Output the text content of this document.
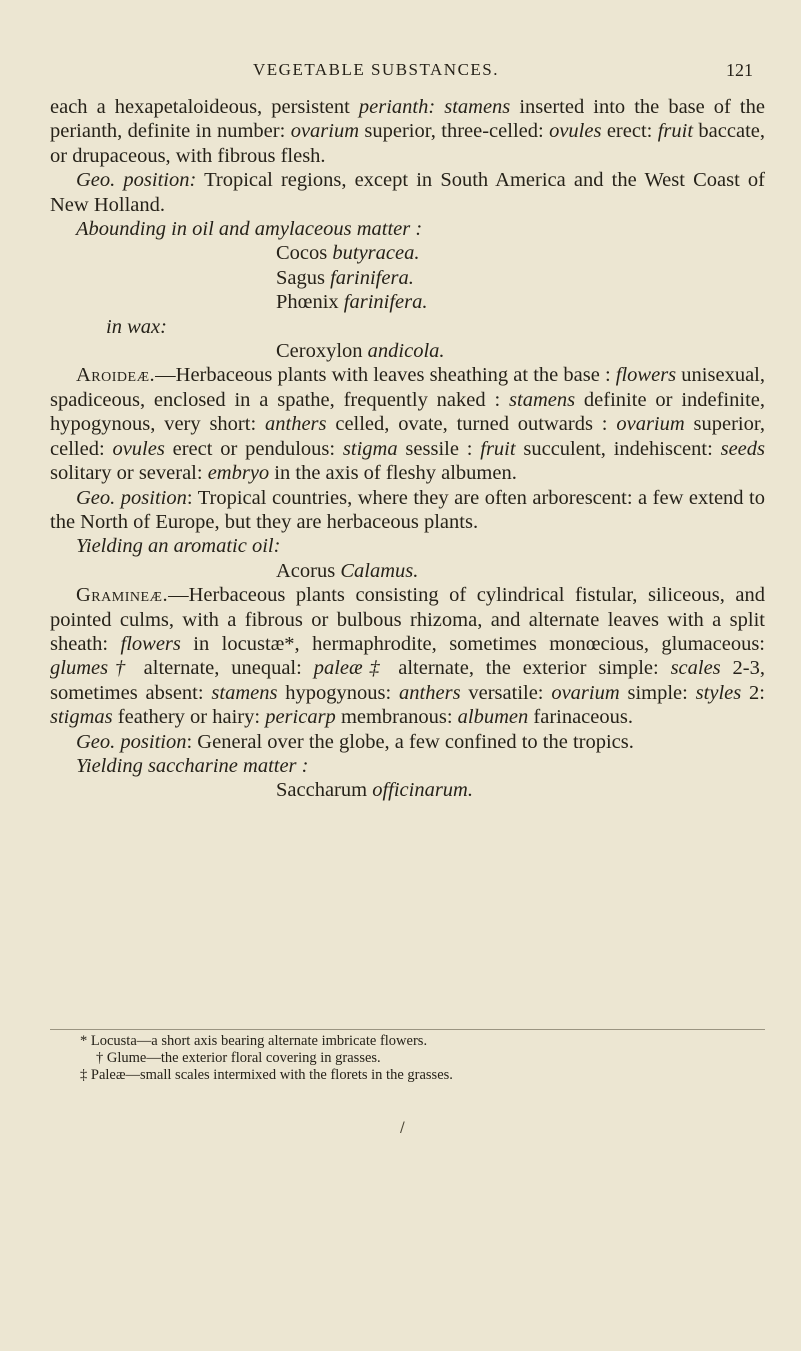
VEGETABLE SUBSTANCES.	121

each a hexapetaloideous, persistent perianth: stamens inserted into the base of the perianth, definite in number: ovarium superior, three-celled: ovules erect: fruit baccate, or drupaceous, with fibrous flesh.

Geo. position: Tropical regions, except in South America and the West Coast of New Holland.

Abounding in oil and amylaceous matter :

Cocos butyracea.

Sagus farinifera.

Phœnix farinifera.

in wax:

Ceroxylon andicola.

Aroideæ.—Herbaceous plants with leaves sheathing at the base : flowers unisexual, spadiceous, enclosed in a spathe, frequently naked : stamens definite or indefinite, hypogynous, very short: anthers celled, ovate, turned outwards : ovarium superior, celled: ovules erect or pendulous: stigma sessile : fruit succulent, indehiscent: seeds solitary or several: embryo in the axis of fleshy albumen.

Geo. position: Tropical countries, where they are often arborescent: a few extend to the North of Europe, but they are herbaceous plants.

Yielding an aromatic oil:

Acorus Calamus.

Gramineæ.—Herbaceous plants consisting of cylindrical fistular, siliceous, and pointed culms, with a fibrous or bulbous rhizoma, and alternate leaves with a split sheath: flowers in locustæ*, hermaphrodite, sometimes monœcious, glumaceous: glumes† alternate, unequal: paleæ‡ alternate, the exterior simple: scales 2-3, sometimes absent: stamens hypogynous: anthers versatile: ovarium simple: styles 2: stigmas feathery or hairy: pericarp membranous: albumen farinaceous.

Geo. position: General over the globe, a few confined to the tropics.

Yielding saccharine matter :

Saccharum officinarum.

* Locusta—a short axis bearing alternate imbricate flowers.

† Glume—the exterior floral covering in grasses.

‡ Paleæ—small scales intermixed with the florets in the grasses.

/
